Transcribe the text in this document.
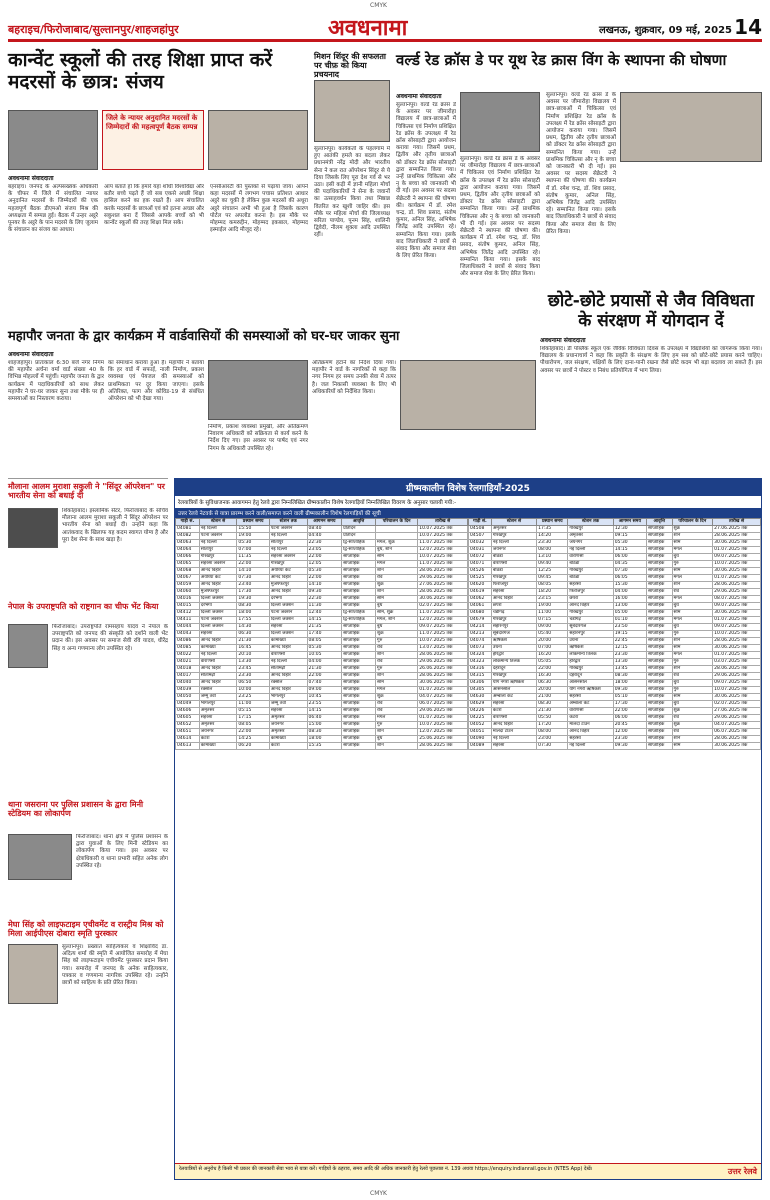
CMYK
बहराइच/फिरोजाबाद/सुल्तानपुर/शाहजहांपुर	अवधनामा	लखनऊ, शुक्रवार, 09 मई, 2025 14
कान्वेंट स्कूलों की तरह शिक्षा प्राप्त करें मदरसों के छात्र: संजय
जिले के न्यायर अनुदानित मदरसों के जिम्मेदारों की महत्वपूर्ण बैठक सम्पन्न
अवधनामा संवाददाता
बहराइच। जनपद के अल्पसंख्यक अधिकारी के चीफर में जिले में संचालित न्यायर अनुदानित मदरसों के जिम्मेदारों की एक महत्वपूर्ण बैठक डीएमओ संजय मिश्र की अध्यक्षता में सम्पन्न हुई। बैठक में उन्हर अट्ठरे पूनयर के अट्ठरे के पान मदरसे के लिए जुलाम के संचालन का संजय का आधार।
आप बताते हो कि हमारे यहां शोधी विश्वविद्या और बतौर बच्चे पढ़ते हैं जो सब एकसे अच्छी शिक्षा हासिल करने का हक रखते हैं। आप संचालित करके मदरसों के छात्रओं एवं को इतना अच्छा और सकुशल बना दें जिससे आपके बच्चों को भी कान्वेंट स्कूलों की तरह शिक्षा मिल सके।
एनसीआरटी की पुस्तकों से पढ़ाया जाय। आपने कहा मदरसों में लगभग पचास प्रतिशत आधार अट्ठरे का चुकी है लेकिन कुछ मदरसों की अधूरा अट्ठरे संचालन अभी भी हुआ है जिसके कारण पोर्टल पर अपलोड करना है। इस मौके पर मोहम्मद कमरुद्दीन, मोहम्मद इकबाल, मोहम्मद इस्माईल आदि मौजूद रहे।
मिशन शिंदूर की सफलता पर चीफ़ को किया प्रचयनाद
सुल्तानपुर। कार्यकर्ता के पहलगाम में हुए आतंकी हमले का बदला लेकर प्रधानमंत्री नरेंद्र मोदी और भारतीय सेना ने कल रात ऑपरेशन सिंदूर से ये दिया जिसके लिए पूरा देश गर्व से भर उठा। इसी कड़ी में ज्ञानी महिला मोर्चा की पदाधिकारियों ने सेना के जवानों का उत्साहवर्धन किया तथा मिष्ठान्न वितरित कर खुशी जाहिर की। इस मौके पर महिला मोर्चा की जिलाध्यक्ष सरिता पाण्डेय, पूनम सिंह, शालिनी द्विवेदी, नीलम शुक्ला आदि उपस्थित रहीं।
वर्ल्ड रेड क्रॉस डे पर यूथ रेड क्रास विंग के स्थापना की घोषणा
अवधनामा संवाददाता
सुल्तानपुर। वर्ल्ड रेड क्रास डे के अवसर पर जीमारोहा विद्यालय में छात्र-छात्राओं में चिकित्सा एवं निर्माण प्रशिक्षित रेड क्रॉस के उपलक्ष्य में रेड क्रॉस सोसाइटी द्वारा आयोजन कराया गया। जिसमें प्रथम, द्वितीय और तृतीय छात्राओं को डॉक्टर रेड क्रॉस सोसाइटी द्वारा सम्मानित किया गया। उन्हें प्राथमिक चिकित्सा और नृ के बच्चा को जानकारी भी दी गई। इस अवसर पर सदस्य सेक्रेटरी ने स्थापना की घोषणा की। कार्यक्रम में डॉ. रमेश चन्द्र, डॉ. शिव प्रसाद, संतोष कुमार, अनिल सिंह, अभिषेक जितेंद्र आदि उपस्थित रहे। सम्मानित किया गया। इसके बाद जिलाधिकारी ने छात्रों से संवाद किया और समाज सेवा के लिए प्रेरित किया।
सुल्तानपुर। वर्ल्ड रेड क्रास डे के अवसर पर जीमारोहा विद्यालय में छात्र-छात्राओं में चिकित्सा एवं निर्माण प्रशिक्षित रेड क्रॉस के उपलक्ष्य में रेड क्रॉस सोसाइटी द्वारा आयोजन कराया गया। जिसमें प्रथम, द्वितीय और तृतीय छात्राओं को डॉक्टर रेड क्रॉस सोसाइटी द्वारा सम्मानित किया गया। उन्हें प्राथमिक चिकित्सा और नृ के बच्चा को जानकारी भी दी गई। इस अवसर पर सदस्य सेक्रेटरी ने स्थापना की घोषणा की। कार्यक्रम में डॉ. रमेश चन्द्र, डॉ. शिव प्रसाद, संतोष कुमार, अनिल सिंह, अभिषेक जितेंद्र आदि उपस्थित रहे। सम्मानित किया गया। इसके बाद जिलाधिकारी ने छात्रों से संवाद किया और समाज सेवा के लिए प्रेरित किया।
सुल्तानपुर। वर्ल्ड रेड क्रास डे के अवसर पर जीमारोहा विद्यालय में छात्र-छात्राओं में चिकित्सा एवं निर्माण प्रशिक्षित रेड क्रॉस के उपलक्ष्य में रेड क्रॉस सोसाइटी द्वारा आयोजन कराया गया। जिसमें प्रथम, द्वितीय और तृतीय छात्राओं को डॉक्टर रेड क्रॉस सोसाइटी द्वारा सम्मानित किया गया। उन्हें प्राथमिक चिकित्सा और नृ के बच्चा को जानकारी भी दी गई। इस अवसर पर सदस्य सेक्रेटरी ने स्थापना की घोषणा की। कार्यक्रम में डॉ. रमेश चन्द्र, डॉ. शिव प्रसाद, संतोष कुमार, अनिल सिंह, अभिषेक जितेंद्र आदि उपस्थित रहे। सम्मानित किया गया। इसके बाद जिलाधिकारी ने छात्रों से संवाद किया और समाज सेवा के लिए प्रेरित किया।
छोटे-छोटे प्रयासों से जैव विविधता के संरक्षण में योगदान दें
अवधनामा संवाददाता
शिकोहाबाद। डी पब्लिक स्कूल एक जैविक विविधता दिवस के उपलक्ष्य में विद्यार्थियों को जागरूक किया गया। विद्यालय के प्रधानाचार्य ने कहा कि प्रकृति के संरक्षण के लिए हम सब को छोटे-छोटे प्रयास करने चाहिए। पौधारोपण, जल संरक्षण, पक्षियों के लिए दाना-पानी रखना जैसे छोटे कदम भी बड़ा बदलाव ला सकते हैं। इस अवसर पर छात्रों ने पोस्टर व निबंध प्रतियोगिता में भाग लिया।
महापौर जनता के द्वार कार्यक्रम में वार्डवासियों की समस्याओं को घर-घर जाकर सुना
अवधनामा संवाददाता
शाहजहांपुर। प्रातःकाल 6:30 बजे नगर निगम की महापौर अर्चना वर्मा वार्ड संख्या 40 के विभिन्न मोहल्लों में पहुंचीं। महापौर जनता के द्वार कार्यक्रम में पदाधिकारियों को साथ लेकर महापौर ने घर-घर जाकर सुना तथा मौके पर ही समस्याओं का निस्तारण कराया।
का समाधान कराया हुआ है। महापौर ने बताया कि हर वार्ड में सफाई, नाली निर्माण, प्रकाश व्यवस्था एवं पेयजल की समस्याओं को प्राथमिकता पर दूर किया जाएगा। इसके अतिरिक्त, फाग और कोविड-19 से संबंधित ऑपरेशन को भी देखा गया।
निर्माण, प्रकाश व्यवस्था प्रमुखी, और अतिक्रमण निवारण अधिकारी को सक्रियता से कार्य करने के निर्देश दिए गए। इस अवसर पर पार्षद एवं नगर निगम के अधिकारी उपस्थित रहे।
अतिक्रमण हटाने का निर्देश दिया गया। महापौर ने वार्ड के नागरिकों से कहा कि नगर निगम हर समय उनकी सेवा में तत्पर है। जल निकासी व्यवस्था के लिए भी अधिकारियों को निर्देशित किया।
मौलाना आलम मुराशा सकुली ने "सिंदूर ऑपरेशन" पर भारतीय सेना को बधाई दी
शिकोहाबाद। इस्लामिक सेंटर, फिरोजाबाद के सचिव मौलाना आलम मुराशा सकुली ने सिंदूर ऑपरेशन पर भारतीय सेना को बधाई दी। उन्होंने कहा कि आतंकवाद के खिलाफ यह कदम स्वागत योग्य है और पूरा देश सेना के साथ खड़ा है।
नेपाल के उपराष्ट्रपति को राष्ट्रगान का चीफ भेंट किया
फिरोजाबाद। उपराष्ट्रपति रामसहाय यादव ने नेपाल के उपराष्ट्रपति को जनपद की संस्कृति को दर्शाने वाली भेंट प्रदान की। इस अवसर पर समाज सेवी रवि यादव, धीरेंद्र सिंह व अन्य गणमान्य लोग उपस्थित रहे।
थाना जसराना पर पुलिस प्रशासन के द्वारा मिनी स्टेडियम का लोकार्पण
फिरोजाबाद। थाना क्षेत्र में पुलिस प्रशासन के द्वारा युवाओं के लिए मिनी स्टेडियम का लोकार्पण किया गया। इस अवसर पर क्षेत्राधिकारी व थाना प्रभारी सहित अनेक लोग उपस्थित रहे।
मेघा सिंह को लाइफटाइम एचीवमेंट व रास्ट्रीय मिश्र को मिला आईपीएस दोबारा स्मृति पुरस्कार
सुल्तानपुर। प्रख्यात साहित्यकार व शिक्षाविद डा. अदित्य शर्मा की स्मृति में आयोजित समारोह में मेघा सिंह को लाइफटाइम एचीवमेंट पुरस्कार प्रदान किया गया। समारोह में जनपद के अनेक साहित्यकार, पत्रकार व गणमान्य नागरिक उपस्थित रहे। उन्होंने छात्रों को साहित्य के प्रति प्रेरित किया।
ग्रीष्मकालीन विशेष रेलगाड़ियाँ-2025
रेलयात्रियों के सुविधाजनक आवागमन हेतु रेलवे द्वारा निम्नलिखित ग्रीष्मकालीन विशेष रेलगाड़ियों निम्नलिखित विवरण के अनुसार चलायी गयी:-
उत्तर रेलवे नेटवर्क से यात्रा प्रारम्भ करने वाली/समाप्त करने वाली ग्रीष्मकालीन विशेष रेलगाड़ियों की सूची
गाड़ी सं.	स्टेशन से	प्रस्थान समय	स्टेशन तक	आगमन समय	आवृत्ति	परिचालन के दिन	तारीख से
04081	नई दिल्ली	15:50	पटना जंक्शन	08:40	प्रतिदिन		10.07.2025 तक
04082	पटना जंक्शन	19:00	नई दिल्ली	04:40	प्रतिदिन		10.07.2025 तक
04063	नई दिल्ली	05:30	सीतापुर	22:30	द्वि-साप्ताहिक	मंगल, शुक्र	11.07.2025 तक
04064	सीतापुर	07:00	नई दिल्ली	23:05	द्वि-साप्ताहिक	बुध, शनि	12.07.2025 तक
04066	गोरखपुर	11:35	सहरसा जंक्शन	22:00	साप्ताहिक	सोम	10.07.2025 तक
04065	सहरसा जंक्शन	22:00	गोरखपुर	12:05	साप्ताहिक	मंगल	11.07.2025 तक
04068	आनंद विहार	14:10	अयोध्या कैंट	05:30	साप्ताहिक	शनि	28.06.2025 तक
04067	अयोध्या कैंट	07:30	आनंद विहार	22:00	साप्ताहिक	रवि	29.06.2025 तक
04059	आनंद विहार	23:40	मुजफ्फरपुर	14:10	साप्ताहिक	शुक्र	27.06.2025 तक
04060	मुजफ्फरपुर	17:30	आनंद विहार	09:30	साप्ताहिक	शनि	28.06.2025 तक
04016	दिल्ली जंक्शन	19:30	दरभंगा	22:30	साप्ताहिक	सोम	30.06.2025 तक
04015	दरभंगा	08:30	दिल्ली जंक्शन	11:30	साप्ताहिक	बुध	02.07.2025 तक
04412	दिल्ली जंक्शन	18:00	पटना जंक्शन	12:40	द्वि-साप्ताहिक	सोम, शुक्र	11.07.2025 तक
04411	पटना जंक्शन	17:55	दिल्ली जंक्शन	14:15	द्वि-साप्ताहिक	मंगल, शनि	12.07.2025 तक
04044	दिल्ली जंक्शन	14:30	सहरसा	21:35	साप्ताहिक	बुध	09.07.2025 तक
04043	सहरसा	06:30	दिल्ली जंक्शन	17:40	साप्ताहिक	शुक्र	11.07.2025 तक
04086	आनंद विहार	21:30	कामाख्या	08:05	साप्ताहिक	गुरु	10.07.2025 तक
04085	कामाख्या	16:45	आनंद विहार	05:30	साप्ताहिक	रवि	13.07.2025 तक
04022	नई दिल्ली	20:10	वाराणसी	10:05	साप्ताहिक	शनि	28.06.2025 तक
04021	वाराणसी	13:30	नई दिल्ली	04:00	साप्ताहिक	रवि	29.06.2025 तक
04018	आनंद विहार	23:45	सीतामढ़ी	21:30	साप्ताहिक	गुरु	26.06.2025 तक
04017	सीतामढ़ी	23:30	आनंद विहार	22:00	साप्ताहिक	शनि	28.06.2025 तक
04040	आनंद विहार	06:50	रक्सौल	07:40	साप्ताहिक	सोम	30.06.2025 तक
04039	रक्सौल	10:00	आनंद विहार	09:00	साप्ताहिक	मंगल	01.07.2025 तक
04050	जम्मू तवी	23:25	भागलपुर	10:45	साप्ताहिक	शुक्र	04.07.2025 तक
04049	भागलपुर	11:00	जम्मू तवी	23:55	साप्ताहिक	रवि	06.07.2025 तक
04606	अमृतसर	05:15	सहरसा	14:15	साप्ताहिक	रवि	29.06.2025 तक
04605	सहरसा	17:15	अमृतसर	06:40	साप्ताहिक	मंगल	01.07.2025 तक
04652	अमृतसर	08:05	जयनगर	15:00	साप्ताहिक	गुरु	10.07.2025 तक
04651	जयनगर	22:00	अमृतसर	08:30	साप्ताहिक	शनि	12.07.2025 तक
04614	कटरा	14:25	कामाख्या	18:00	साप्ताहिक	बुध	25.06.2025 तक
04613	कामाख्या	06:20	कटरा	15:35	साप्ताहिक	शनि	28.06.2025 तक
गाड़ी सं.	स्टेशन से	प्रस्थान समय	स्टेशन तक	आगमन समय	आवृत्ति	परिचालन के दिन	तारीख से
04508	अमृतसर	17:35	गोरखपुर	12:30	साप्ताहिक	शुक्र	27.06.2025 तक
04507	गोरखपुर	14:20	अमृतसर	09:15	साप्ताहिक	शनि	28.06.2025 तक
04032	नई दिल्ली	23:30	जयनगर	05:30	साप्ताहिक	सोम	30.06.2025 तक
04031	जयनगर	08:00	नई दिल्ली	14:15	साप्ताहिक	मंगल	01.07.2025 तक
04072	बठिंडा	13:10	वाराणसी	06:00	साप्ताहिक	बुध	09.07.2025 तक
04071	वाराणसी	09:40	बठिंडा	04:35	साप्ताहिक	गुरु	10.07.2025 तक
04526	बठिंडा	12:25	गोरखपुर	07:30	साप्ताहिक	सोम	30.06.2025 तक
04525	गोरखपुर	09:45	बठिंडा	06:05	साप्ताहिक	मंगल	01.07.2025 तक
04620	फिरोजपुर	08:05	सहरसा	15:30	साप्ताहिक	शनि	28.06.2025 तक
04619	सहरसा	18:20	फिरोजपुर	04:00	साप्ताहिक	रवि	29.06.2025 तक
04062	आनंद विहार	23:15	छपरा	16:00	साप्ताहिक	मंगल	08.07.2025 तक
04061	छपरा	19:00	आनंद विहार	13:00	साप्ताहिक	बुध	09.07.2025 तक
04680	चंडीगढ़	11:00	गोरखपुर	05:00	साप्ताहिक	सोम	30.06.2025 तक
04679	गोरखपुर	07:15	चंडीगढ़	01:10	साप्ताहिक	मंगल	01.07.2025 तक
04214	सहारनपुर	09:00	सूबेदारगंज	23:50	साप्ताहिक	बुध	09.07.2025 तक
04213	सूबेदारगंज	05:40	सहारनपुर	19:15	साप्ताहिक	गुरु	10.07.2025 तक
04074	ऋषिकेश	20:00	उधना	22:45	साप्ताहिक	शनि	28.06.2025 तक
04073	उधना	07:00	ऋषिकेश	12:15	साप्ताहिक	सोम	30.06.2025 तक
04324	हरिद्वार	16:20	लोकमान्य तिलक	23:30	साप्ताहिक	मंगल	01.07.2025 तक
04323	लोकमान्य तिलक	05:05	हरिद्वार	13:30	साप्ताहिक	गुरु	03.07.2025 तक
04316	देहरादून	22:00	गोरखपुर	13:45	साप्ताहिक	शनि	28.06.2025 तक
04315	गोरखपुर	16:30	देहरादून	08:30	साप्ताहिक	रवि	29.06.2025 तक
04306	योग नगरी ऋषिकेश	06:30	आसनसोल	18:00	साप्ताहिक	बुध	09.07.2025 तक
04305	आसनसोल	20:00	योग नगरी ऋषिकेश	09:30	साप्ताहिक	गुरु	10.07.2025 तक
04630	अम्बाला कैंट	21:00	सहरसा	05:10	साप्ताहिक	सोम	30.06.2025 तक
04629	सहरसा	08:30	अम्बाला कैंट	17:30	साप्ताहिक	बुध	02.07.2025 तक
04226	कटरा	21:30	वाराणसी	22:00	साप्ताहिक	शुक्र	27.06.2025 तक
04225	वाराणसी	05:50	कटरा	06:00	साप्ताहिक	रवि	29.06.2025 तक
04052	आनंद विहार	17:20	मालदा टाउन	20:45	साप्ताहिक	शुक्र	04.07.2025 तक
04051	मालदा टाउन	08:00	आनंद विहार	12:00	साप्ताहिक	रवि	06.07.2025 तक
04090	नई दिल्ली	23:00	सहरसा	23:30	साप्ताहिक	शनि	28.06.2025 तक
04089	सहरसा	07:30	नई दिल्ली	09:30	साप्ताहिक	सोम	30.06.2025 तक
रेलयात्रियों से अनुरोध है किसी भी प्रकार की जानकारी सेवा भाव से यात्रा करें। गाड़ियों के ठहराव, समय आदि की अधिक जानकारी हेतु रेलवे पूछताछ नं. 139 अथवा https://enquiry.indianrail.gov.in (NTES App) देखें।	उत्तर रेलवे
CMYK
